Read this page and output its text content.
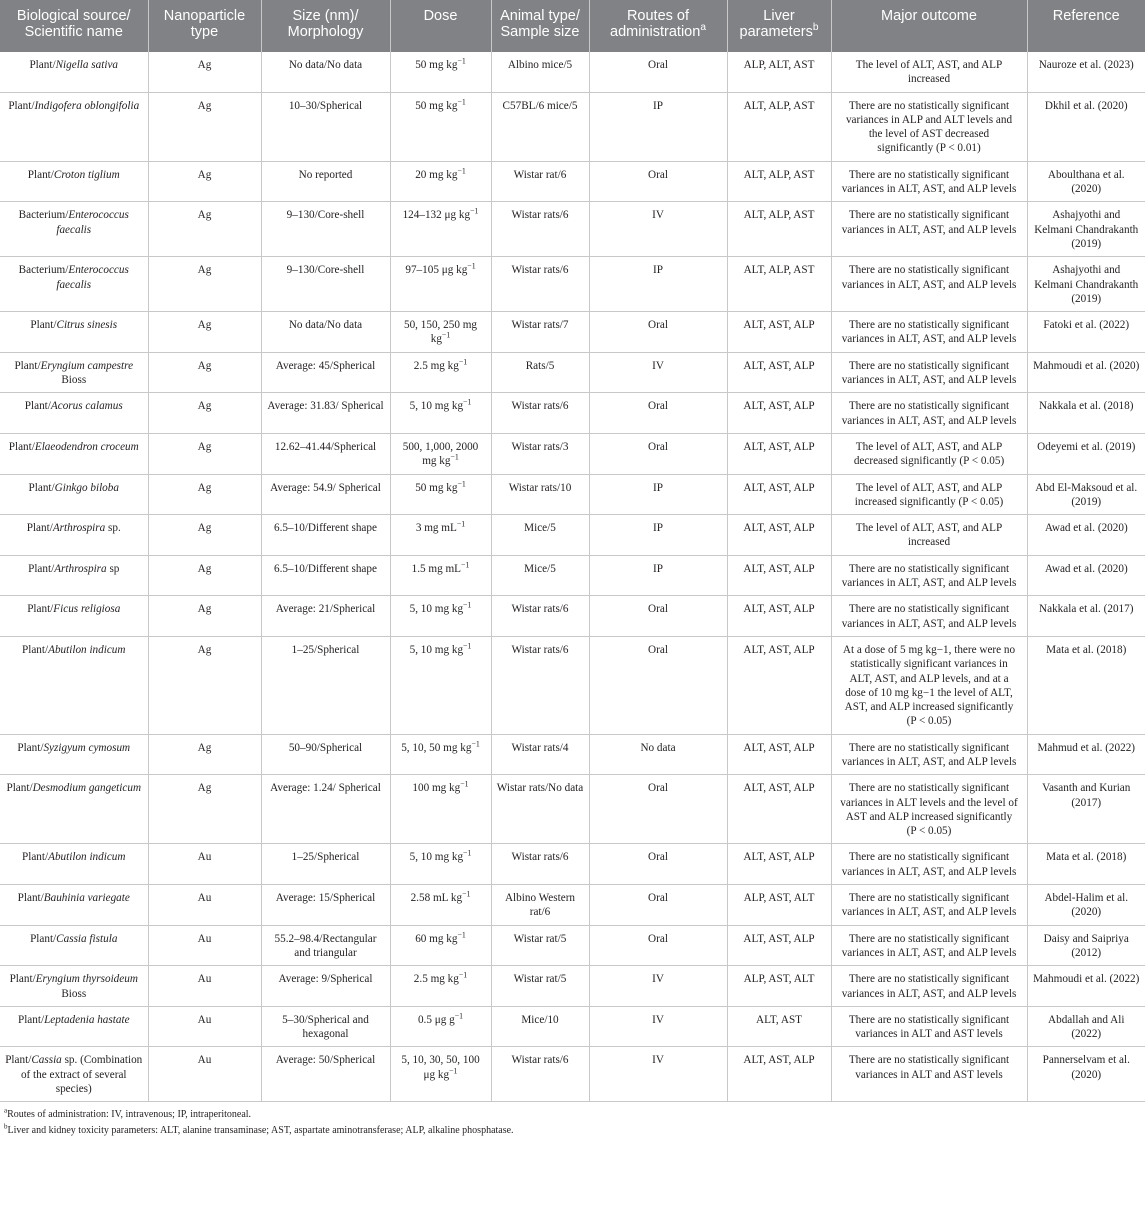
Biological source/ Scientific name	Nanoparticle type	Size (nm)/ Morphology	Dose	Animal type/ Sample size	Routes of administration$^a$	Liver parameters$^b$	Major outcome	Reference
Plant/Nigella sativa	Ag	No data/No data	50 mg $kg^{-1}$	Albino mice/5	Oral	ALP, ALT, AST	The level of ALT, AST, and ALP increased	Nauroze et al. (2023)
Plant/Indigofera oblongifolia	Ag	10–30/Spherical	50 mg $kg^{-1}$	C57BL/6 mice/5	IP	ALT, ALP, AST	There are no statistically significant variances in ALP and ALT levels and the level of AST decreased significantly (P < 0.01)	Dkhil et al. (2020)
Plant/Croton tiglium	Ag	No reported	20 mg $kg^{-1}$	Wistar rat/6	Oral	ALT, ALP, AST	There are no statistically significant variances in ALT, AST, and ALP levels	Aboulthana et al. (2020)
Bacterium/Enterococcus faecalis	Ag	9–130/Core-shell	124–132 μg $kg^{-1}$	Wistar rats/6	IV	ALT, ALP, AST	There are no statistically significant variances in ALT, AST, and ALP levels	Ashajyothi and Kelmani Chandrakanth (2019)
Bacterium/Enterococcus faecalis	Ag	9–130/Core-shell	97–105 μg $kg^{-1}$	Wistar rats/6	IP	ALT, ALP, AST	There are no statistically significant variances in ALT, AST, and ALP levels	Ashajyothi and Kelmani Chandrakanth (2019)
Plant/Citrus sinesis	Ag	No data/No data	50, 150, 250 mg $kg^{-1}$	Wistar rats/7	Oral	ALT, AST, ALP	There are no statistically significant variances in ALT, AST, and ALP levels	Fatoki et al. (2022)
Plant/Eryngium campestre Bioss	Ag	Average: 45/Spherical	2.5 mg $kg^{-1}$	Rats/5	IV	ALT, AST, ALP	There are no statistically significant variances in ALT, AST, and ALP levels	Mahmoudi et al. (2020)
Plant/Acorus calamus	Ag	Average: 31.83/ Spherical	5, 10 mg $kg^{-1}$	Wistar rats/6	Oral	ALT, AST, ALP	There are no statistically significant variances in ALT, AST, and ALP levels	Nakkala et al. (2018)
Plant/Elaeodendron croceum	Ag	12.62–41.44/Spherical	500, 1,000, 2000 mg $kg^{-1}$	Wistar rats/3	Oral	ALT, AST, ALP	The level of ALT, AST, and ALP decreased significantly (P < 0.05)	Odeyemi et al. (2019)
Plant/Ginkgo biloba	Ag	Average: 54.9/ Spherical	50 mg $kg^{-1}$	Wistar rats/10	IP	ALT, AST, ALP	The level of ALT, AST, and ALP increased significantly (P < 0.05)	Abd El-Maksoud et al. (2019)
Plant/Arthrospira sp.	Ag	6.5–10/Different shape	3 mg $mL^{-1}$	Mice/5	IP	ALT, AST, ALP	The level of ALT, AST, and ALP increased	Awad et al. (2020)
Plant/Arthrospira sp	Ag	6.5–10/Different shape	1.5 mg $mL^{-1}$	Mice/5	IP	ALT, AST, ALP	There are no statistically significant variances in ALT, AST, and ALP levels	Awad et al. (2020)
Plant/Ficus religiosa	Ag	Average: 21/Spherical	5, 10 mg $kg^{-1}$	Wistar rats/6	Oral	ALT, AST, ALP	There are no statistically significant variances in ALT, AST, and ALP levels	Nakkala et al. (2017)
Plant/Abutilon indicum	Ag	1–25/Spherical	5, 10 mg $kg^{-1}$	Wistar rats/6	Oral	ALT, AST, ALP	At a dose of 5 mg kg−1, there were no statistically significant variances in ALT, AST, and ALP levels, and at a dose of 10 mg kg−1 the level of ALT, AST, and ALP increased significantly (P < 0.05)	Mata et al. (2018)
Plant/Syzigyum cymosum	Ag	50–90/Spherical	5, 10, 50 mg $kg^{-1}$	Wistar rats/4	No data	ALT, AST, ALP	There are no statistically significant variances in ALT, AST, and ALP levels	Mahmud et al. (2022)
Plant/Desmodium gangeticum	Ag	Average: 1.24/ Spherical	100 mg $kg^{-1}$	Wistar rats/No data	Oral	ALT, AST, ALP	There are no statistically significant variances in ALT levels and the level of AST and ALP increased significantly (P < 0.05)	Vasanth and Kurian (2017)
Plant/Abutilon indicum	Au	1–25/Spherical	5, 10 mg $kg^{-1}$	Wistar rats/6	Oral	ALT, AST, ALP	There are no statistically significant variances in ALT, AST, and ALP levels	Mata et al. (2018)
Plant/Bauhinia variegate	Au	Average: 15/Spherical	2.58 mL $kg^{-1}$	Albino Western rat/6	Oral	ALP, AST, ALT	There are no statistically significant variances in ALT, AST, and ALP levels	Abdel-Halim et al. (2020)
Plant/Cassia fistula	Au	55.2–98.4/Rectangular and triangular	60 mg $kg^{-1}$	Wistar rat/5	Oral	ALT, AST, ALP	There are no statistically significant variances in ALT, AST, and ALP levels	Daisy and Saipriya (2012)
Plant/Eryngium thyrsoideum Bioss	Au	Average: 9/Spherical	2.5 mg $kg^{-1}$	Wistar rat/5	IV	ALP, AST, ALT	There are no statistically significant variances in ALT, AST, and ALP levels	Mahmoudi et al. (2022)
Plant/Leptadenia hastate	Au	5–30/Spherical and hexagonal	0.5 μg $g^{-1}$	Mice/10	IV	ALT, AST	There are no statistically significant variances in ALT and AST levels	Abdallah and Ali (2022)
Plant/Cassia sp. (Combination of the extract of several species)	Au	Average: 50/Spherical	5, 10, 30, 50, 100 μg $kg^{-1}$	Wistar rats/6	IV	ALT, AST, ALP	There are no statistically significant variances in ALT and AST levels	Pannerselvam et al. (2020)
$^a$Routes of administration: IV, intravenous; IP, intraperitoneal.
$^b$Liver and kidney toxicity parameters: ALT, alanine transaminase; AST, aspartate aminotransferase; ALP, alkaline phosphatase.
